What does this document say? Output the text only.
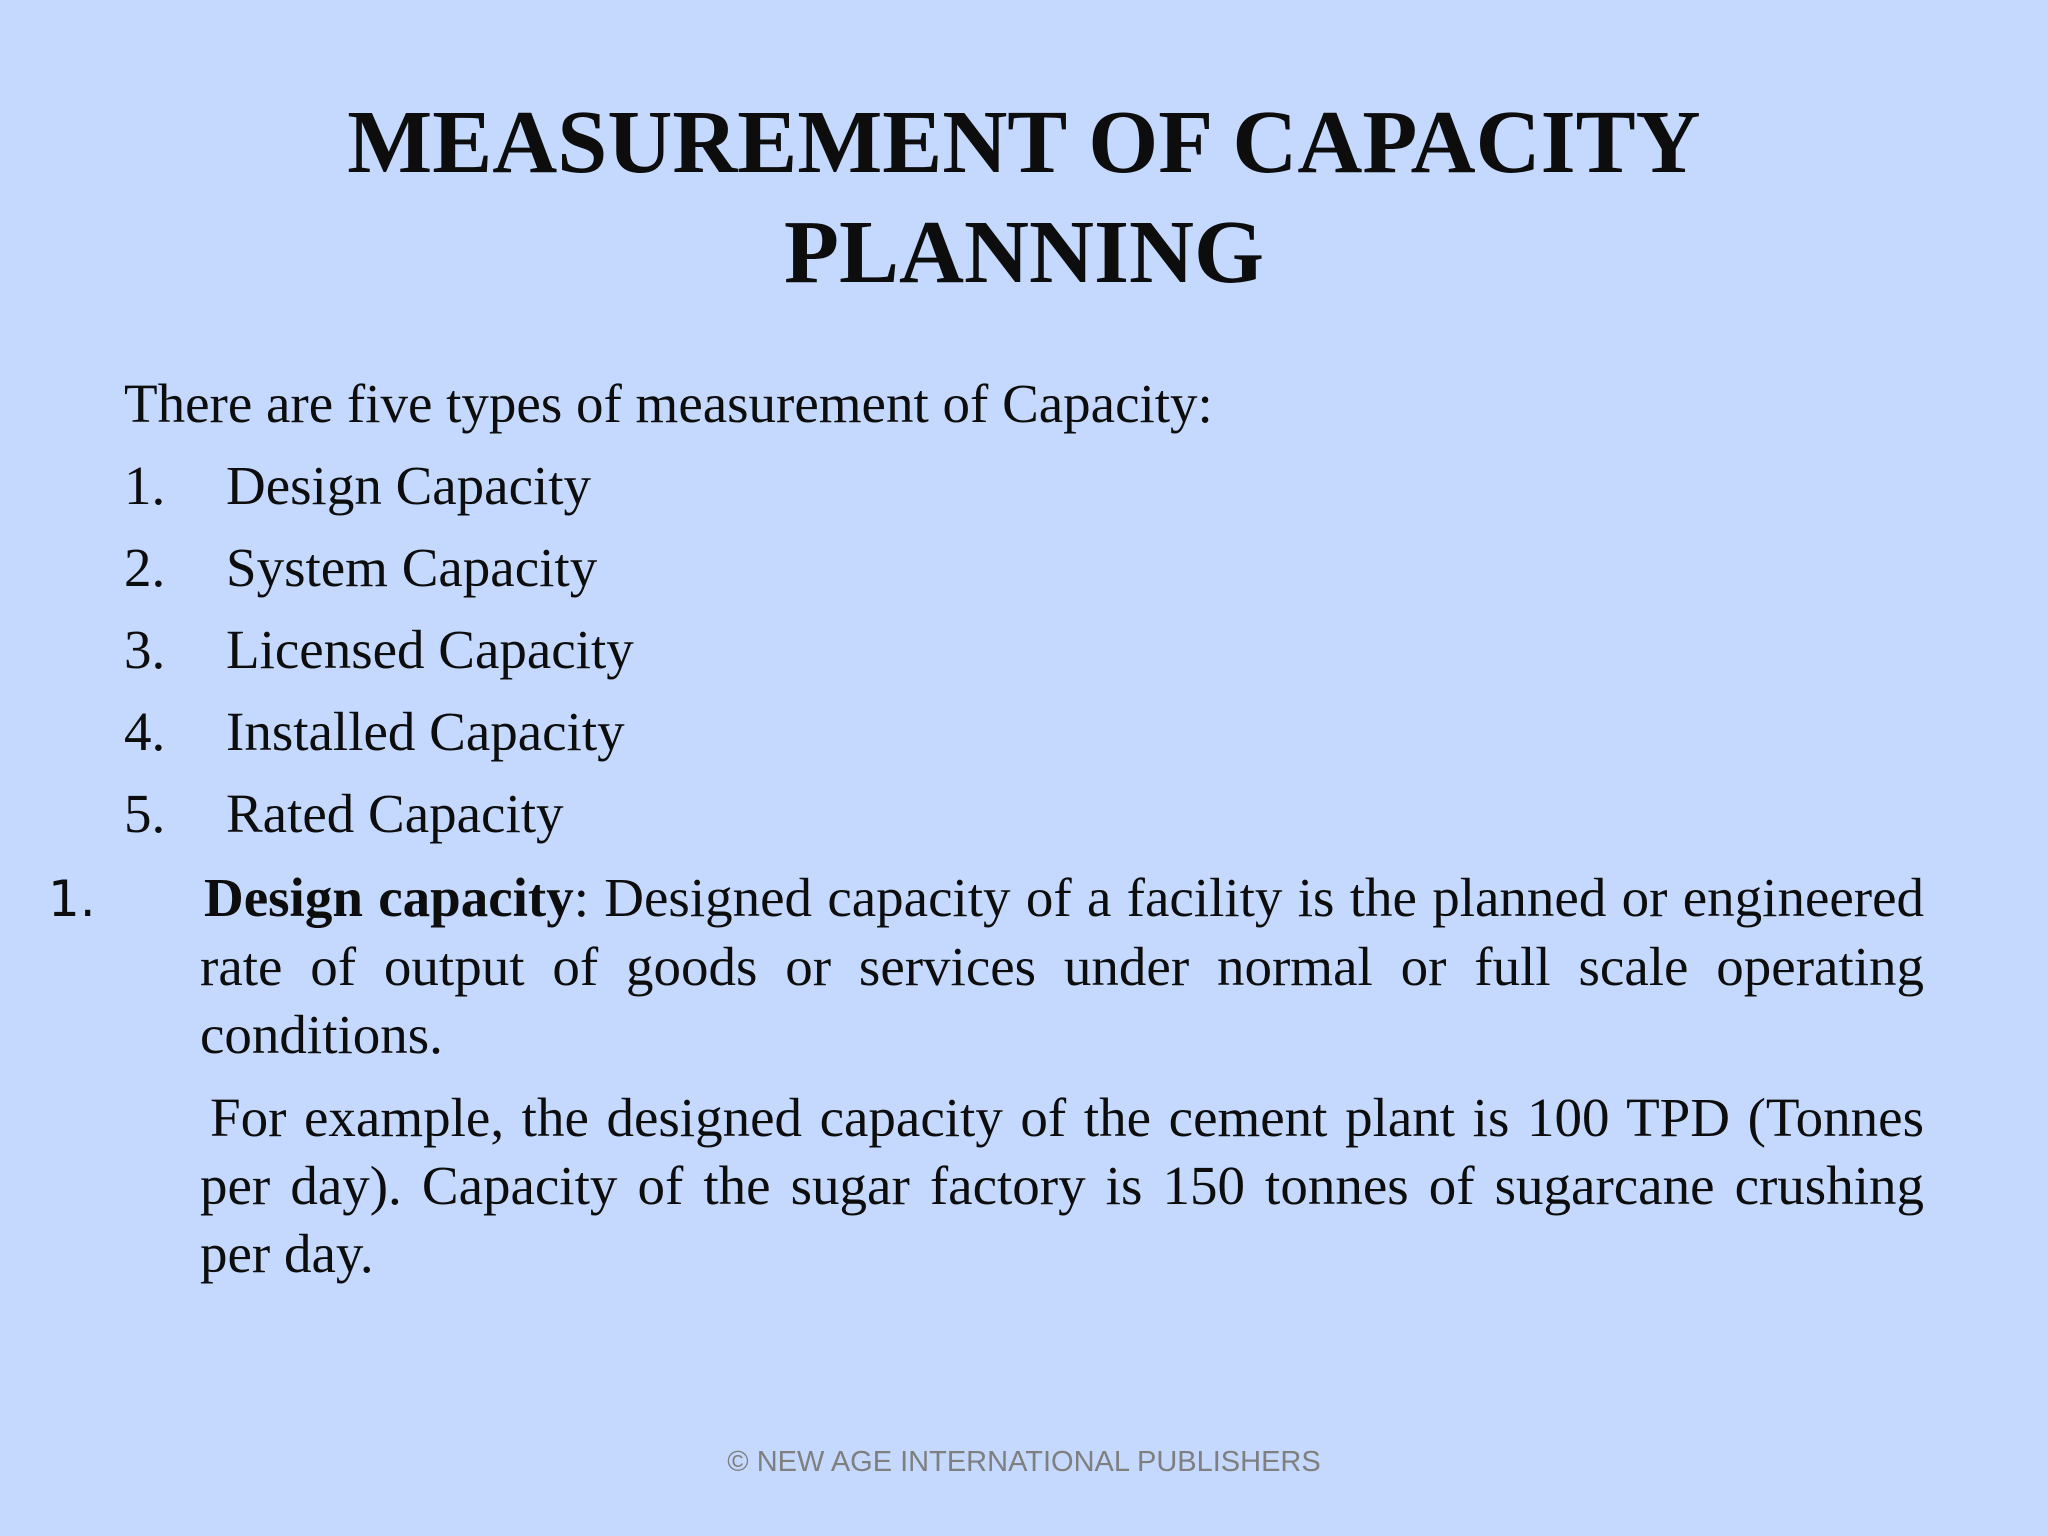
MEASUREMENT OF CAPACITY
PLANNING
There are five types of measurement of Capacity:
1. Design Capacity
2. System Capacity
3. Licensed Capacity
4. Installed Capacity
5. Rated Capacity
1. Design capacity: Designed capacity of a facility is the planned or engineered rate of output of goods or services under normal or full scale operating conditions.
For example, the designed capacity of the cement plant is 100 TPD (Tonnes per day). Capacity of the sugar factory is 150 tonnes of sugarcane crushing per day.
© NEW AGE INTERNATIONAL PUBLISHERS
